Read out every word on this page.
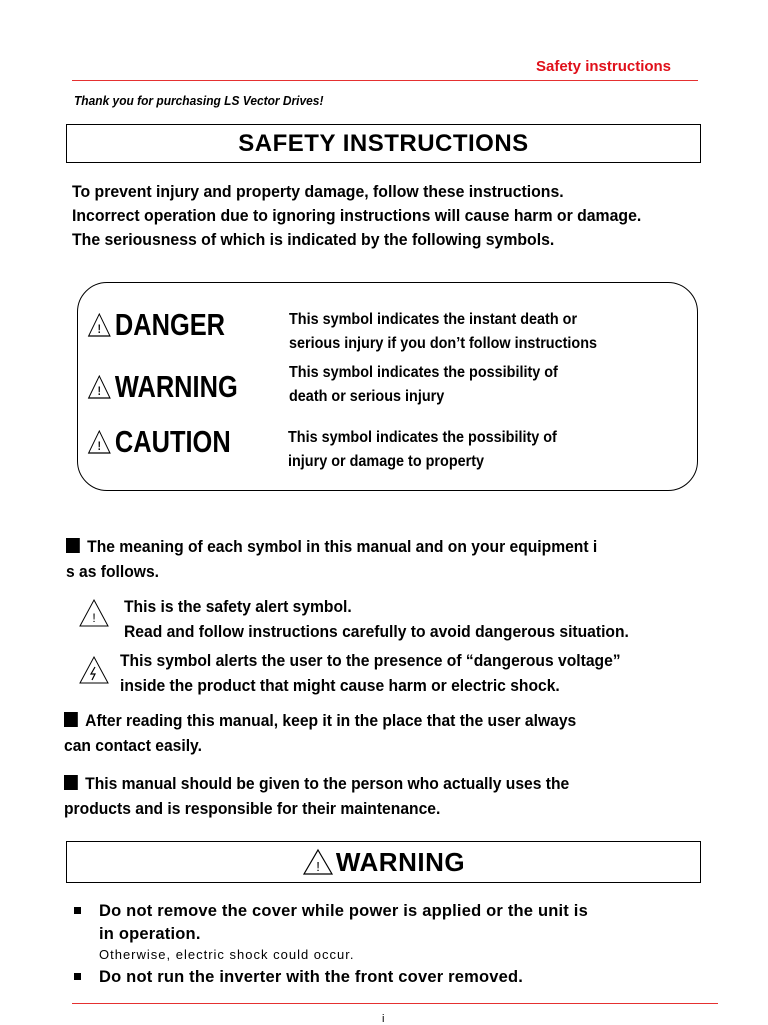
Safety instructions
Thank you for purchasing LS Vector Drives!
SAFETY INSTRUCTIONS
To prevent injury and property damage, follow these instructions.
Incorrect operation due to ignoring instructions will cause harm or damage.
The seriousness of which is indicated by the following symbols.
! DANGER	This symbol indicates the instant death or
serious injury if you don’t follow instructions
! WARNING	This symbol indicates the possibility of
death or serious injury
! CAUTION	This symbol indicates the possibility of
injury or damage to property
The meaning of each symbol in this manual and on your equipment i
s as follows.
!
This is the safety alert symbol.
Read and follow instructions carefully to avoid dangerous situation.
This symbol alerts the user to the presence of “dangerous voltage”
inside the product that might cause harm or electric shock.
After reading this manual, keep it in the place that the user always
can contact easily.
This manual should be given to the person who actually uses the
products and is responsible for their maintenance.
! WARNING
Do not remove the cover while power is applied or the unit is
in operation.
Otherwise, electric shock could occur.
Do not run the inverter with the front cover removed.
i
